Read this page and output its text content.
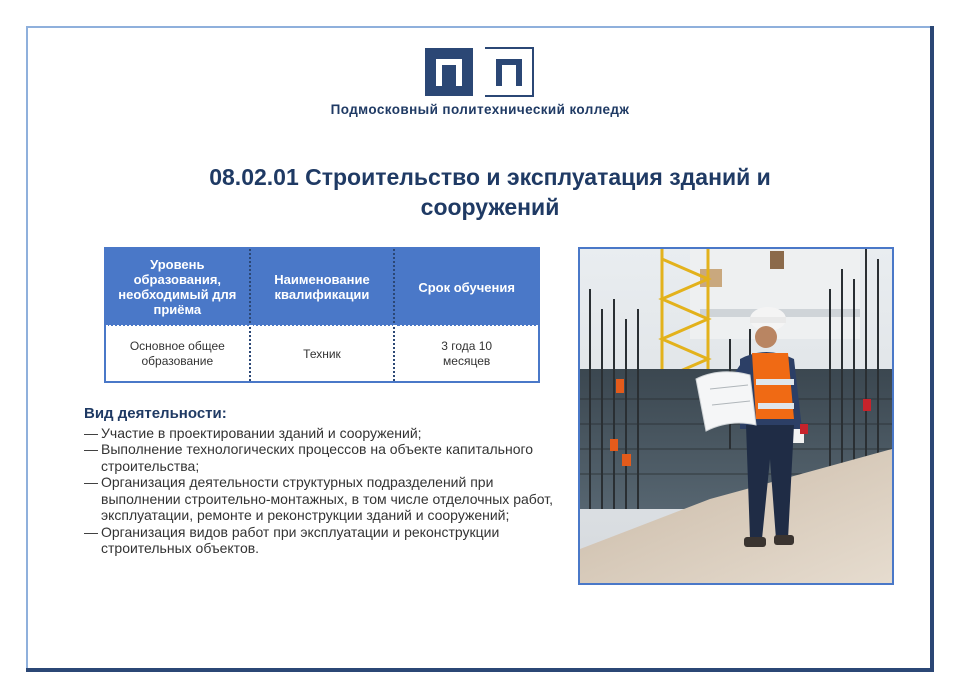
Подмосковный политехнический колледж
08.02.01 Строительство и эксплуатация зданий и сооружений
Уровень образования, необходимый для приёма	Наименование квалификации	Срок обучения
Основное общее образование	Техник	3 года 10 месяцев
Вид деятельности:
— Участие в проектировании зданий и сооружений;
— Выполнение технологических процессов на объекте капитального строительства;
— Организация деятельности структурных подразделений при выполнении строительно-монтажных, в том числе отделочных работ, эксплуатации, ремонте и реконструкции зданий и сооружений;
— Организация видов работ при эксплуатации и реконструкции строительных объектов.
